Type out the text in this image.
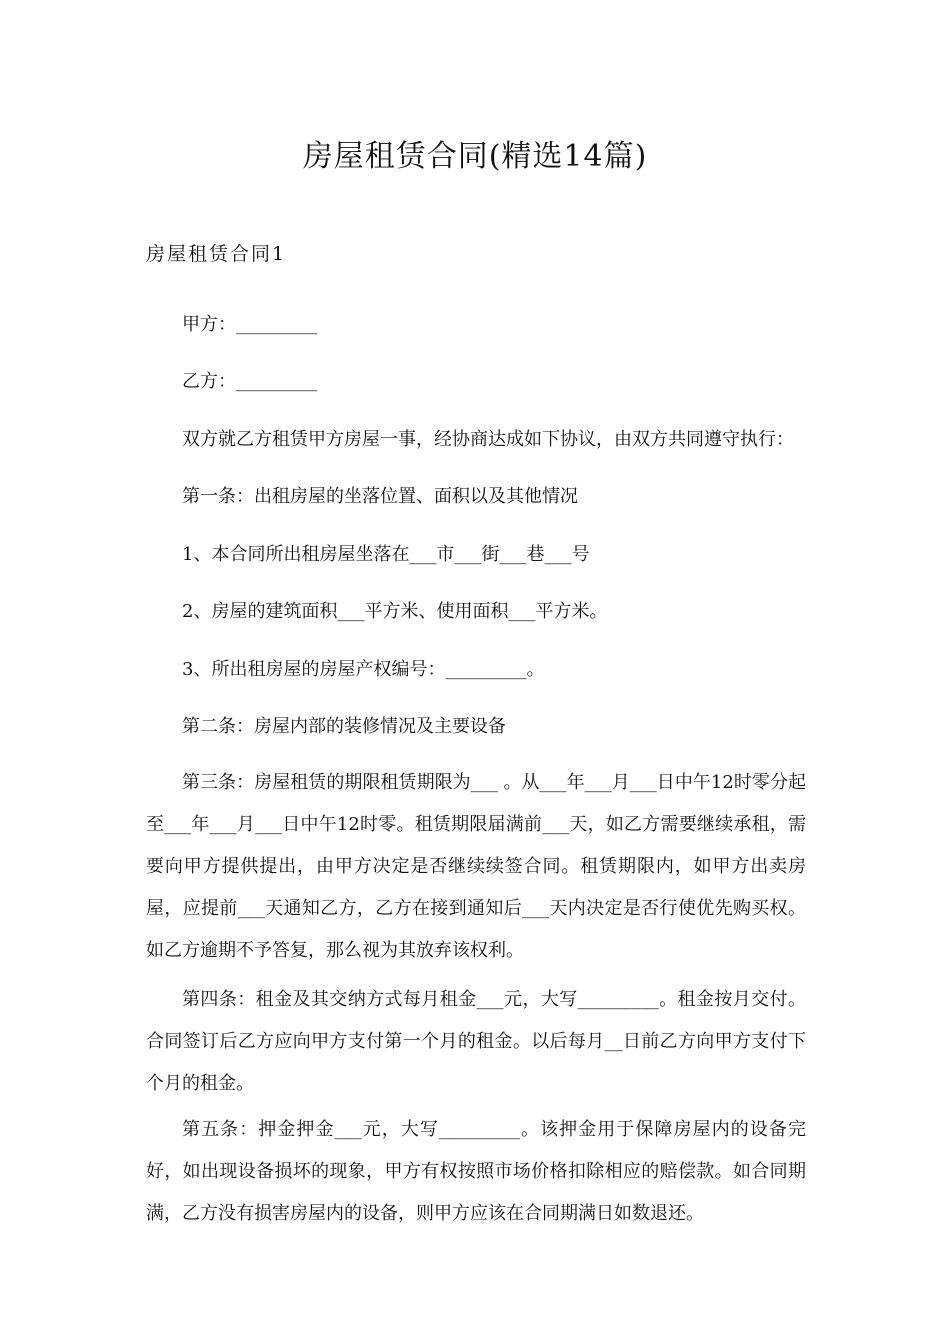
房屋租赁合同(精选14篇)
房屋租赁合同1
甲方：_________
乙方：_________
双方就乙方租赁甲方房屋一事，经协商达成如下协议，由双方共同遵守执行：
第一条：出租房屋的坐落位置、面积以及其他情况
1、本合同所出租房屋坐落在___市___街___巷___号
2、房屋的建筑面积___平方米、使用面积___平方米。
3、所出租房屋的房屋产权编号：_________。
第二条：房屋内部的装修情况及主要设备

第三条：房屋租赁的期限租赁期限为___ 。从___年___月___日中午12时零分起至___年___月___日中午12时零。租赁期限届满前___天，如乙方需要继续承租，需要向甲方提供提出，由甲方决定是否继续续签合同。租赁期限内，如甲方出卖房屋，应提前___天通知乙方，乙方在接到通知后___天内决定是否行使优先购买权。如乙方逾期不予答复，那么视为其放弃该权利。

第四条：租金及其交纳方式每月租金___元，大写_________。租金按月交付。合同签订后乙方应向甲方支付第一个月的租金。以后每月__日前乙方向甲方支付下个月的租金。

第五条：押金押金___元，大写_________。该押金用于保障房屋内的设备完好，如出现设备损坏的现象，甲方有权按照市场价格扣除相应的赔偿款。如合同期满，乙方没有损害房屋内的设备，则甲方应该在合同期满日如数退还。
